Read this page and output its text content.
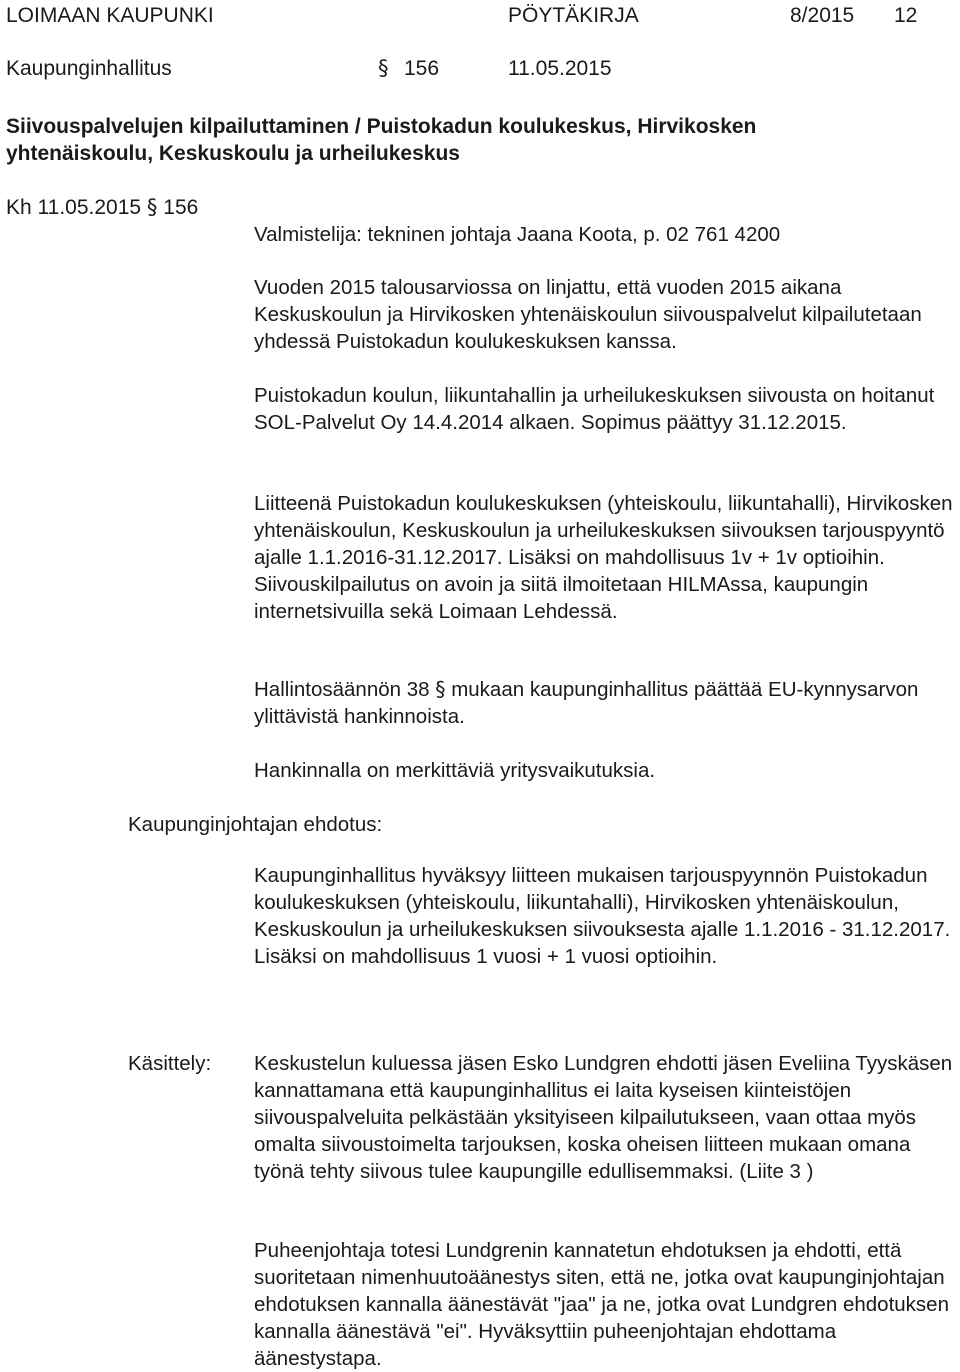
LOIMAAN KAUPUNKI	PÖYTÄKIRJA	8/2015 12
Kaupunginhallitus	§ 156	11.05.2015
Siivouspalvelujen kilpailuttaminen / Puistokadun koulukeskus, Hirvikosken
yhtenäiskoulu, Keskuskoulu ja urheilukeskus
Kh 11.05.2015 § 156
Valmistelija: tekninen johtaja Jaana Koota, p. 02 761 4200

Vuoden 2015 talousarviossa on linjattu, että vuoden 2015 aikana Keskuskoulun ja Hirvikosken yhtenäiskoulun siivouspalvelut kilpailutetaan yhdessä Puistokadun koulukeskuksen kanssa.

Puistokadun koulun, liikuntahallin ja urheilukeskuksen siivousta on hoitanut SOL-Palvelut Oy 14.4.2014 alkaen. Sopimus päättyy 31.12.2015.

Liitteenä Puistokadun koulukeskuksen (yhteiskoulu, liikuntahalli), Hirvikosken yhtenäiskoulun, Keskuskoulun ja urheilukeskuksen siivouksen tarjouspyyntö ajalle 1.1.2016-31.12.2017. Lisäksi on mahdollisuus 1v + 1v optioihin. Siivouskilpailutus on avoin ja siitä ilmoitetaan HILMAssa, kaupungin internetsivuilla sekä Loimaan Lehdessä.

Hallintosäännön 38 § mukaan kaupunginhallitus päättää EU-kynnysarvon ylittävistä hankinnoista.

Hankinnalla on merkittäviä yritysvaikutuksia.

Kaupunginjohtajan ehdotus:

Kaupunginhallitus hyväksyy liitteen mukaisen tarjouspyynnön Puistokadun koulukeskuksen (yhteiskoulu, liikuntahalli), Hirvikosken yhtenäiskoulun, Keskuskoulun ja urheilukeskuksen siivouksesta ajalle 1.1.2016 - 31.12.2017. Lisäksi on mahdollisuus 1 vuosi + 1 vuosi optioihin.

Käsittely: Keskustelun kuluessa jäsen Esko Lundgren ehdotti jäsen Eveliina Tyyskäsen kannattamana että kaupunginhallitus ei laita kyseisen kiinteistöjen siivouspalveluita pelkästään yksityiseen kilpailutukseen, vaan ottaa myös omalta siivoustoimelta tarjouksen, koska oheisen liitteen mukaan omana työnä tehty siivous tulee kaupungille edullisemmaksi. (Liite 3 )

Puheenjohtaja totesi Lundgrenin kannatetun ehdotuksen ja ehdotti, että suoritetaan nimenhuutoäänestys siten, että ne, jotka ovat kaupunginjohtajan ehdotuksen kannalla äänestävät "jaa" ja ne, jotka ovat Lundgren ehdotuksen kannalla äänestävä "ei". Hyväksyttiin puheenjohtajan ehdottama äänestystapa.
